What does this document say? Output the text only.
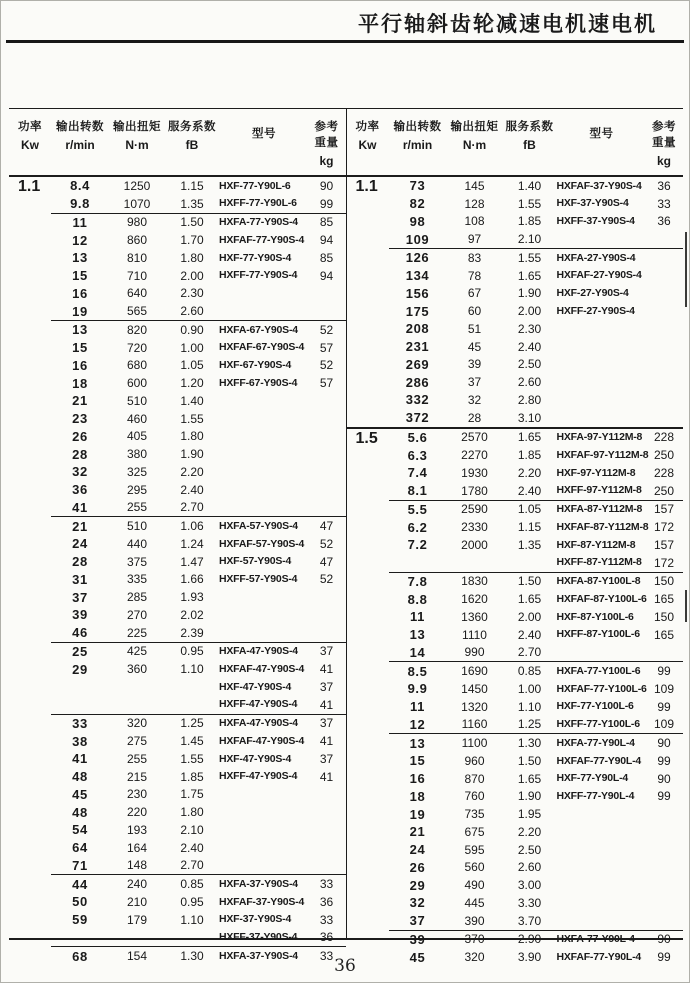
平行轴斜齿轮减速电机速电机
功率
Kw
输出转数
r/min
输出扭矩
N·m
服务系数
fB
型号
参考重量
kg
1.1	8.4	1250	1.15	HXF-77-Y90L-6	90
9.8	1070	1.35	HXFF-77-Y90L-6	99
11	980	1.50	HXFA-77-Y90S-4	85
12	860	1.70	HXFAF-77-Y90S-4	94
13	810	1.80	HXF-77-Y90S-4	85
15	710	2.00	HXFF-77-Y90S-4	94
16	640	2.30
19	565	2.60
13	820	0.90	HXFA-67-Y90S-4	52
15	720	1.00	HXFAF-67-Y90S-4	57
16	680	1.05	HXF-67-Y90S-4	52
18	600	1.20	HXFF-67-Y90S-4	57
21	510	1.40
23	460	1.55
26	405	1.80
28	380	1.90
32	325	2.20
36	295	2.40
41	255	2.70
21	510	1.06	HXFA-57-Y90S-4	47
24	440	1.24	HXFAF-57-Y90S-4	52
28	375	1.47	HXF-57-Y90S-4	47
31	335	1.66	HXFF-57-Y90S-4	52
37	285	1.93
39	270	2.02
46	225	2.39
25	425	0.95	HXFA-47-Y90S-4	37
29	360	1.10	HXFAF-47-Y90S-4	41
HXF-47-Y90S-4	37
HXFF-47-Y90S-4	41
33	320	1.25	HXFA-47-Y90S-4	37
38	275	1.45	HXFAF-47-Y90S-4	41
41	255	1.55	HXF-47-Y90S-4	37
48	215	1.85	HXFF-47-Y90S-4	41
45	230	1.75
48	220	1.80
54	193	2.10
64	164	2.40
71	148	2.70
44	240	0.85	HXFA-37-Y90S-4	33
50	210	0.95	HXFAF-37-Y90S-4	36
59	179	1.10	HXF-37-Y90S-4	33
HXFF-37-Y90S-4	36
68	154	1.30	HXFA-37-Y90S-4	33
功率
Kw
输出转数
r/min
输出扭矩
N·m
服务系数
fB
型号
参考重量
kg
1.1	73	145	1.40	HXFAF-37-Y90S-4	36
82	128	1.55	HXF-37-Y90S-4	33
98	108	1.85	HXFF-37-Y90S-4	36
109	97	2.10
126	83	1.55	HXFA-27-Y90S-4
134	78	1.65	HXFAF-27-Y90S-4
156	67	1.90	HXF-27-Y90S-4
175	60	2.00	HXFF-27-Y90S-4
208	51	2.30
231	45	2.40
269	39	2.50
286	37	2.60
332	32	2.80
372	28	3.10
1.5	5.6	2570	1.65	HXFA-97-Y112M-8 228
6.3	2270	1.85	HXFAF-97-Y112M-8 250
7.4	1930	2.20	HXF-97-Y112M-8	228
8.1	1780	2.40	HXFF-97-Y112M-8	250
5.5	2590	1.05	HXFA-87-Y112M-8 157
6.2	2330	1.15	HXFAF-87-Y112M-8 172
7.2	2000	1.35	HXF-87-Y112M-8	157
HXFF-87-Y112M-8	172
7.8	1830	1.50	HXFA-87-Y100L-8	150
8.8	1620	1.65	HXFAF-87-Y100L-6 165
11	1360	2.00	HXF-87-Y100L-6	150
13	1110	2.40	HXFF-87-Y100L-6	165
14	990	2.70
8.5	1690	0.85	HXFA-77-Y100L-6	99
9.9	1450	1.00	HXFAF-77-Y100L-6 109
11	1320	1.10	HXF-77-Y100L-6	99
12	1160	1.25	HXFF-77-Y100L-6	109
13	1100	1.30	HXFA-77-Y90L-4	90
15	960	1.50	HXFAF-77-Y90L-4	99
16	870	1.65	HXF-77-Y90L-4	90
18	760	1.90	HXFF-77-Y90L-4	99
19	735	1.95
21	675	2.20
24	595	2.50
26	560	2.60
29	490	3.00
32	445	3.30
37	390	3.70
39	370	2.90	HXFA-77-Y90L-4	90
45	320	3.90	HXFAF-77-Y90L-4	99
36
